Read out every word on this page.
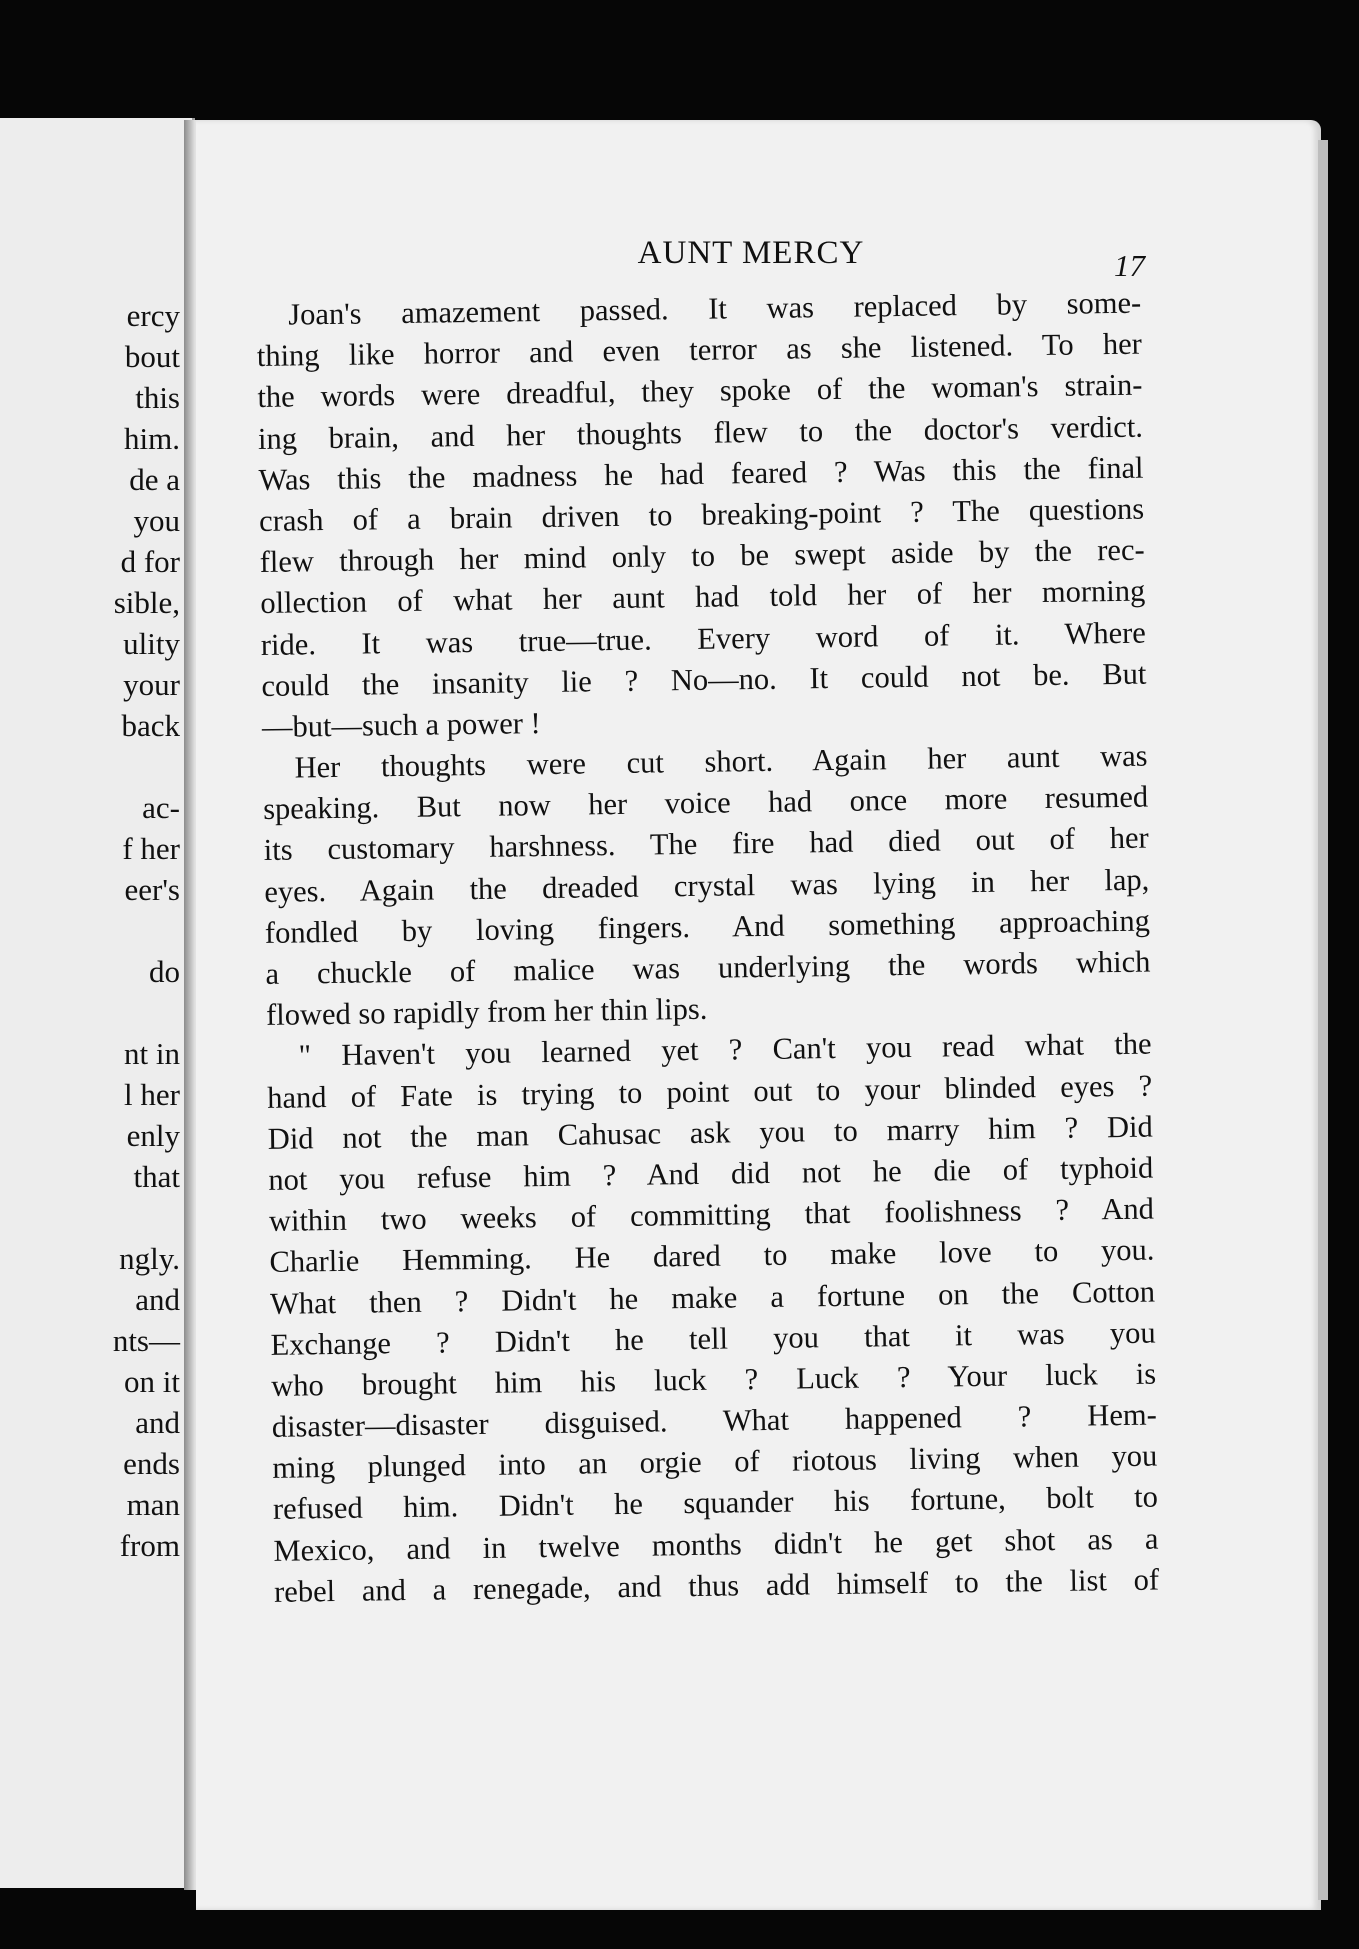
ercy
bout
this
him.
de a
you
d for
sible,
ulity
your
back
ac-
f her
eer's
do
nt in
l her
enly
that
ngly.
and
nts—
on it
and
ends
man
from
AUNT MERCY	17
Joan's amazement passed. It was replaced by some-
thing like horror and even terror as she listened. To her
the words were dreadful, they spoke of the woman's strain-
ing brain, and her thoughts flew to the doctor's verdict.
Was this the madness he had feared ? Was this the final
crash of a brain driven to breaking-point ? The questions
flew through her mind only to be swept aside by the rec-
ollection of what her aunt had told her of her morning
ride. It was true—true. Every word of it. Where
could the insanity lie ? No—no. It could not be. But
—but—such a power !
Her thoughts were cut short. Again her aunt was
speaking. But now her voice had once more resumed
its customary harshness. The fire had died out of her
eyes. Again the dreaded crystal was lying in her lap,
fondled by loving fingers. And something approaching
a chuckle of malice was underlying the words which
flowed so rapidly from her thin lips.
" Haven't you learned yet ? Can't you read what the
hand of Fate is trying to point out to your blinded eyes ?
Did not the man Cahusac ask you to marry him ? Did
not you refuse him ? And did not he die of typhoid
within two weeks of committing that foolishness ? And
Charlie Hemming. He dared to make love to you.
What then ? Didn't he make a fortune on the Cotton
Exchange ? Didn't he tell you that it was you
who brought him his luck ? Luck ? Your luck is
disaster—disaster disguised. What happened ? Hem-
ming plunged into an orgie of riotous living when you
refused him. Didn't he squander his fortune, bolt to
Mexico, and in twelve months didn't he get shot as a
rebel and a renegade, and thus add himself to the list of
